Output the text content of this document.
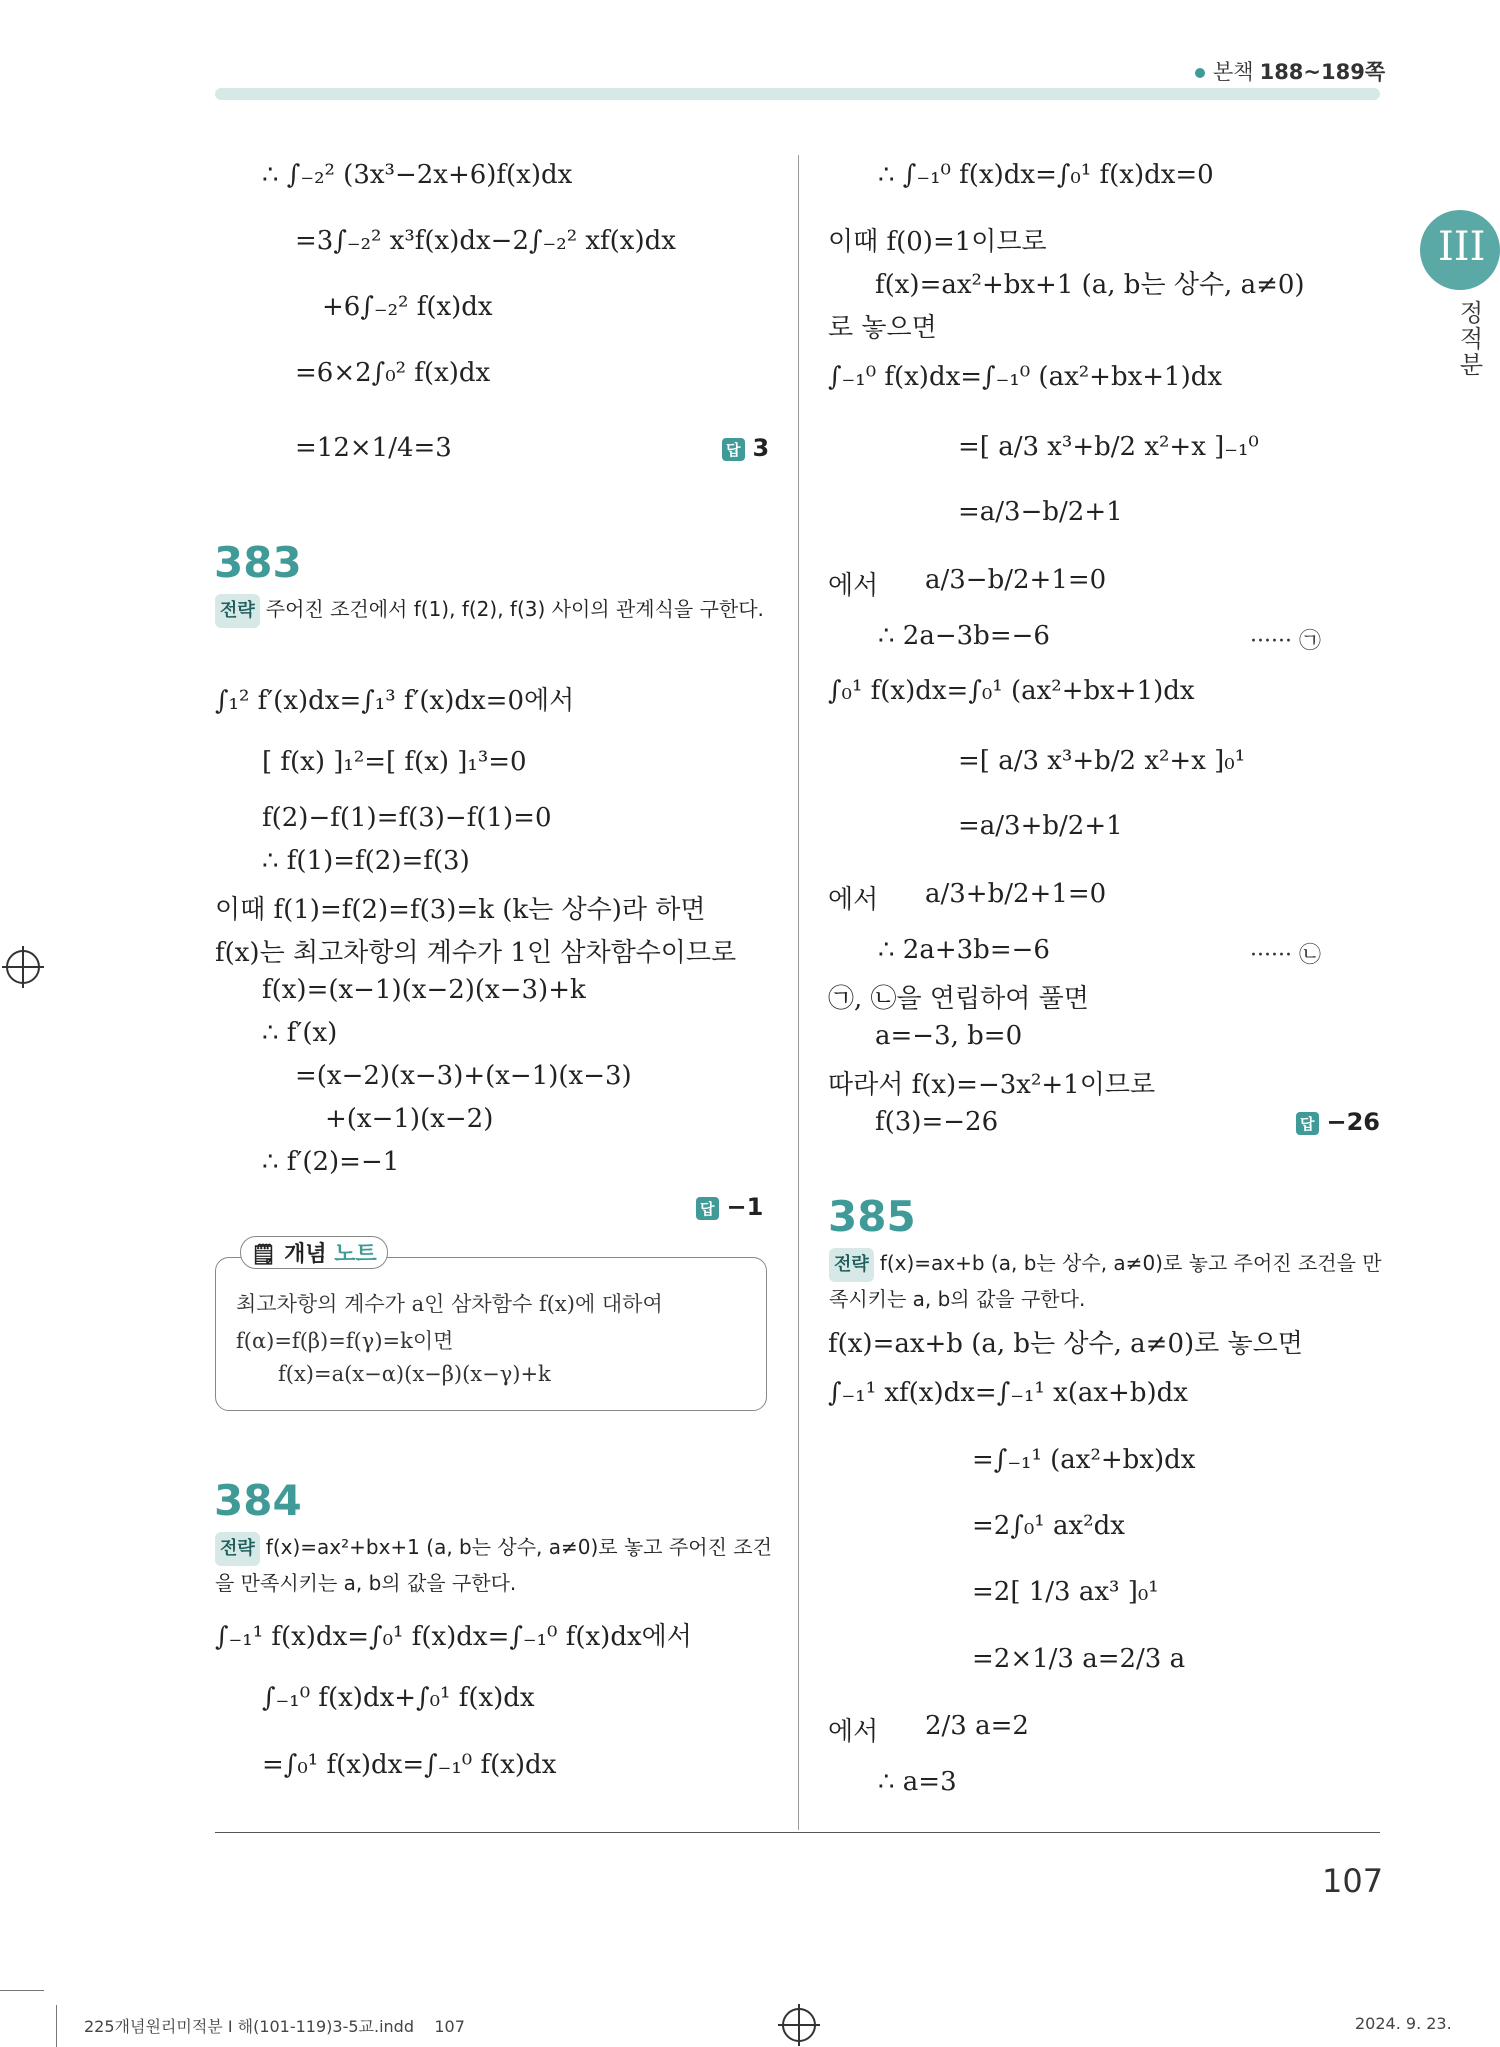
본책 188~189쪽
III
정적분
∴ ∫₋₂² (3x³−2x+6)f(x)dx
=3∫₋₂² x³f(x)dx−2∫₋₂² xf(x)dx
+6∫₋₂² f(x)dx
=6×2∫₀² f(x)dx
=12×1/4=3	답 3
383
전략 주어진 조건에서 f(1), f(2), f(3) 사이의 관계식을 구한다.
∫₁² f′(x)dx=∫₁³ f′(x)dx=0에서
[ f(x) ]₁²=[ f(x) ]₁³=0
f(2)−f(1)=f(3)−f(1)=0
∴ f(1)=f(2)=f(3)
이때 f(1)=f(2)=f(3)=k (k는 상수)라 하면
f(x)는 최고차항의 계수가 1인 삼차함수이므로
f(x)=(x−1)(x−2)(x−3)+k
∴ f′(x)
=(x−2)(x−3)+(x−1)(x−3)
+(x−1)(x−2)
∴ f′(2)=−1
답 −1
🗒 개념 노트
최고차항의 계수가 a인 삼차함수 f(x)에 대하여
f(α)=f(β)=f(γ)=k이면
f(x)=a(x−α)(x−β)(x−γ)+k
384
전략 f(x)=ax²+bx+1 (a, b는 상수, a≠0)로 놓고 주어진 조건을 만족시키는 a, b의 값을 구한다.
∫₋₁¹ f(x)dx=∫₀¹ f(x)dx=∫₋₁⁰ f(x)dx에서
∫₋₁⁰ f(x)dx+∫₀¹ f(x)dx
=∫₀¹ f(x)dx=∫₋₁⁰ f(x)dx
∴ ∫₋₁⁰ f(x)dx=∫₀¹ f(x)dx=0
이때 f(0)=1이므로
f(x)=ax²+bx+1 (a, b는 상수, a≠0)
로 놓으면
∫₋₁⁰ f(x)dx=∫₋₁⁰ (ax²+bx+1)dx
=[ a/3 x³+b/2 x²+x ]₋₁⁰
=a/3−b/2+1
에서 a/3−b/2+1=0
∴ 2a−3b=−6	······ ㉠
∫₀¹ f(x)dx=∫₀¹ (ax²+bx+1)dx
=[ a/3 x³+b/2 x²+x ]₀¹
=a/3+b/2+1
에서 a/3+b/2+1=0
∴ 2a+3b=−6	······ ㉡
㉠, ㉡을 연립하여 풀면
a=−3, b=0
따라서 f(x)=−3x²+1이므로
f(3)=−26	답 −26
385
전략 f(x)=ax+b (a, b는 상수, a≠0)로 놓고 주어진 조건을 만족시키는 a, b의 값을 구한다.
f(x)=ax+b (a, b는 상수, a≠0)로 놓으면
∫₋₁¹ xf(x)dx=∫₋₁¹ x(ax+b)dx
=∫₋₁¹ (ax²+bx)dx
=2∫₀¹ ax²dx
=2[ 1/3 ax³ ]₀¹
=2×1/3 a=2/3 a
에서 2/3 a=2
∴ a=3
107
225개념원리미적분 Ⅰ 해(101-119)3-5교.indd 107	2024. 9. 23.
